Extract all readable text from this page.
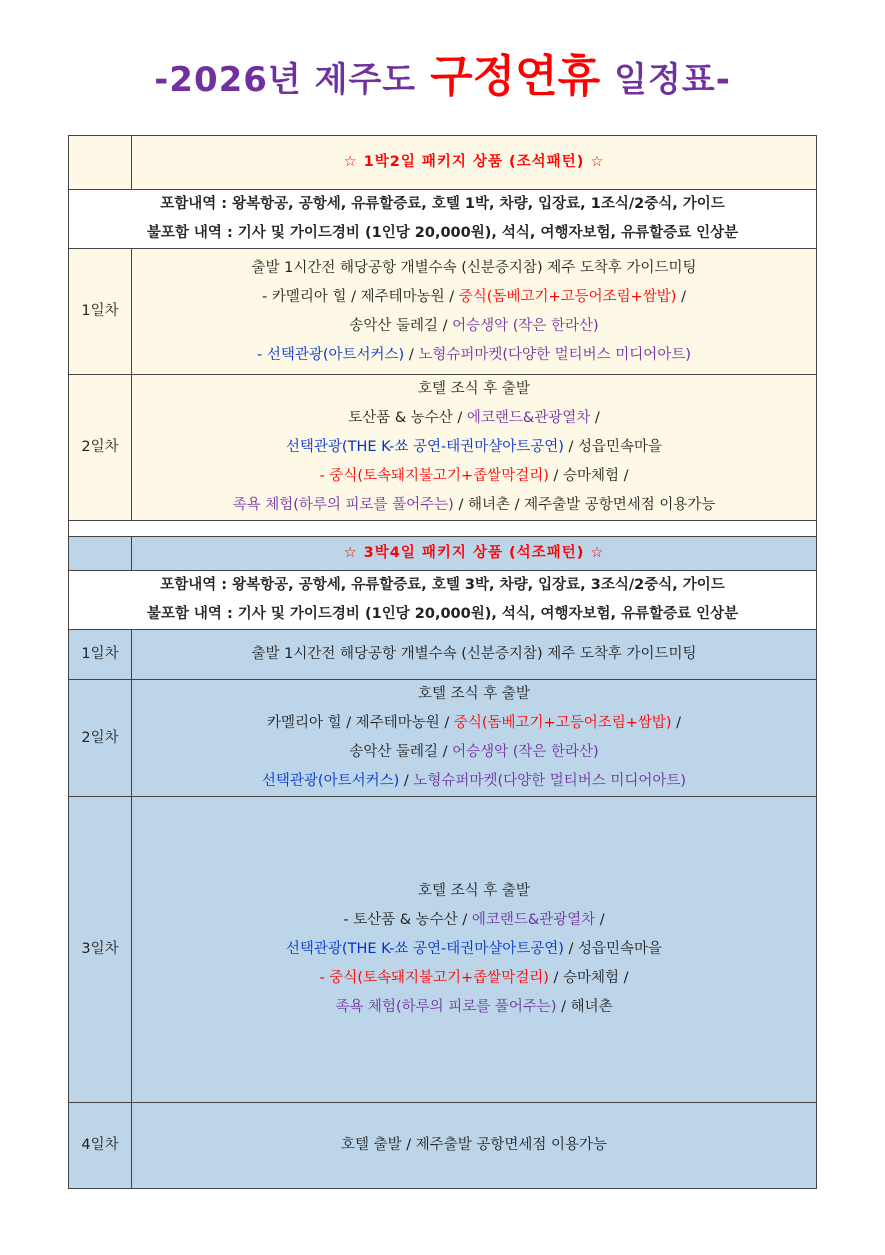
-2026년 제주도 구정연휴 일정표-
	☆ 1박2일 패키지 상품 (조석패턴) ☆

포함내역 : 왕복항공, 공항세, 유류할증료, 호텔 1박, 차량, 입장료, 1조식/2중식, 가이드
불포함 내역 : 기사 및 가이드경비 (1인당 20,000원), 석식, 여행자보험, 유류할증료 인상분	

1일차	출발 1시간전 해당공항 개별수속 (신분증지참) 제주 도착후 가이드미팅
- 카멜리아 힐 / 제주테마농원 / 중식(돔베고기+고등어조림+쌈밥) /
송악산 둘레길 / 어승생악 (작은 한라산)
- 선택관광(아트서커스) / 노형슈퍼마켓(다양한 멀티버스 미디어아트)

2일차	호텔 조식 후 출발
토산품 & 농수산 / 에코랜드&관광열차 /
선택관광(THE K-쑈 공연-태권마샬아트공연) / 성읍민속마을
- 중식(토속돼지불고기+좁쌀막걸리) / 승마체험 /
족욕 체험(하루의 피로를 풀어주는) / 해녀촌 / 제주출발 공항면세점 이용가능

	☆ 3박4일 패키지 상품 (석조패턴) ☆

포함내역 : 왕복항공, 공항세, 유류할증료, 호텔 3박, 차량, 입장료, 3조식/2중식, 가이드
불포함 내역 : 기사 및 가이드경비 (1인당 20,000원), 석식, 여행자보험, 유류할증료 인상분	

1일차	출발 1시간전 해당공항 개별수속 (신분증지참) 제주 도착후 가이드미팅

2일차	호텔 조식 후 출발
카멜리아 힐 / 제주테마농원 / 중식(돔베고기+고등어조림+쌈밥) /
송악산 둘레길 / 어승생악 (작은 한라산)
선택관광(아트서커스) / 노형슈퍼마켓(다양한 멀티버스 미디어아트)

3일차	호텔 조식 후 출발
- 토산품 & 농수산 / 에코랜드&관광열차 /
선택관광(THE K-쑈 공연-태권마샬아트공연) / 성읍민속마을
- 중식(토속돼지불고기+좁쌀막걸리) / 승마체험 /
족욕 체험(하루의 피로를 풀어주는) / 해녀촌

4일차	호텔 출발 / 제주출발 공항면세점 이용가능
